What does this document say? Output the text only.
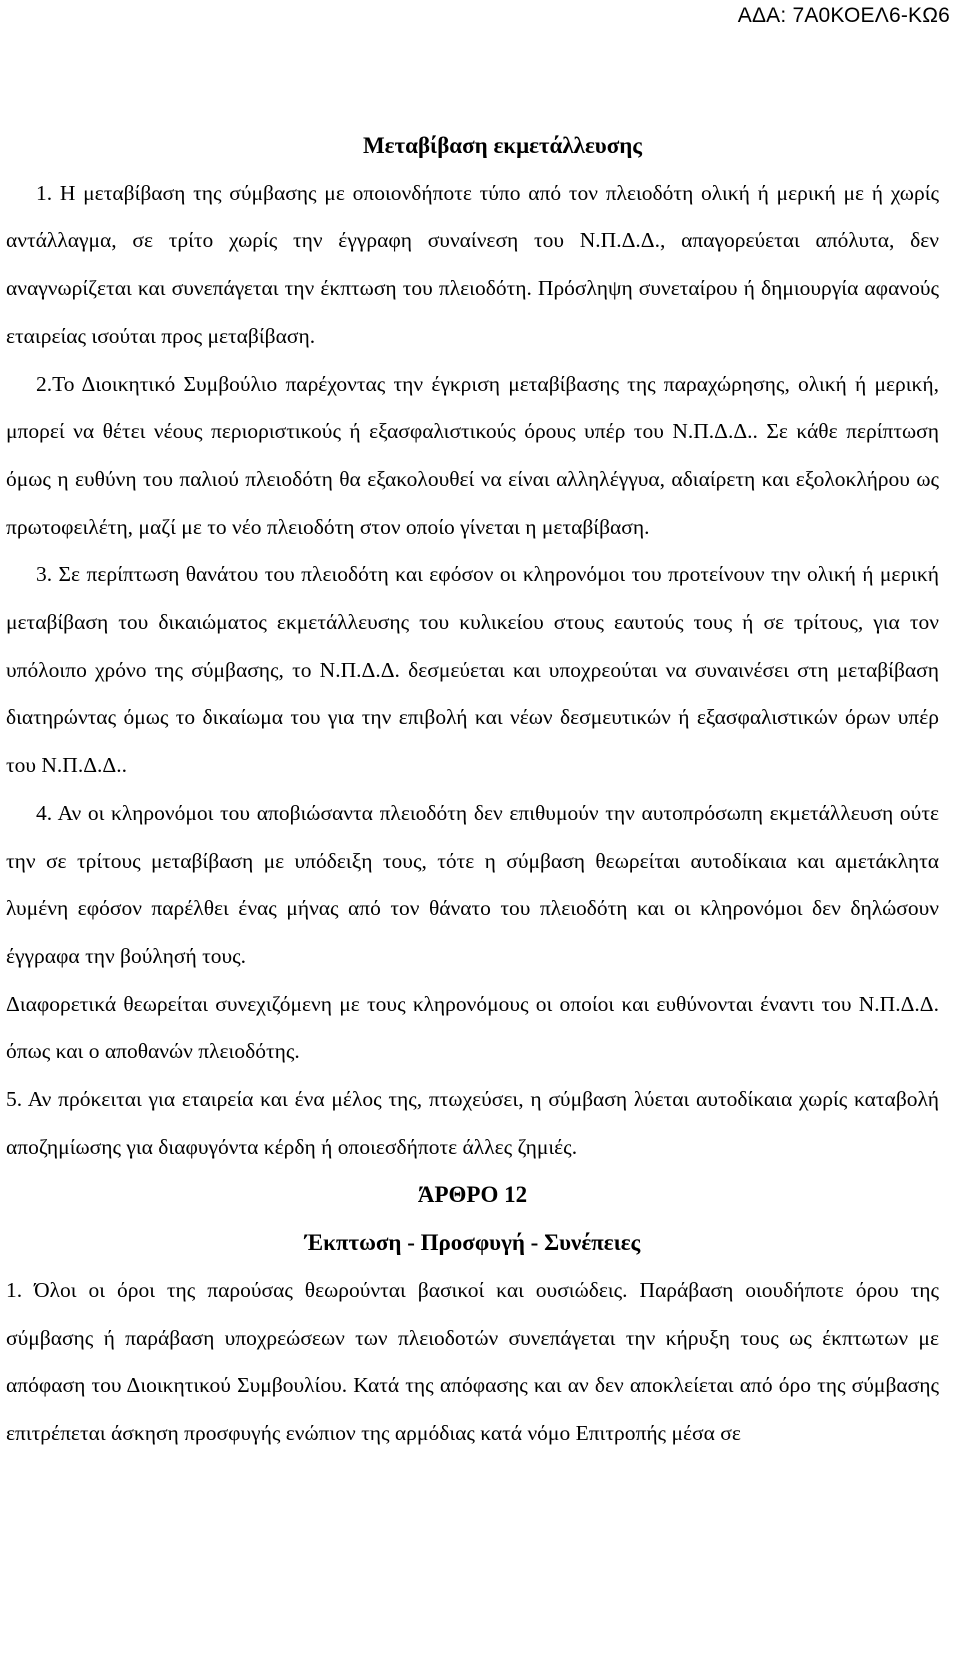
ΑΔΑ: 7Α0ΚΟΕΛ6-ΚΩ6
Μεταβίβαση εκμετάλλευσης

1. Η μεταβίβαση της σύμβασης με οποιονδήποτε τύπο από τον πλειοδότη ολική ή μερική με ή χωρίς αντάλλαγμα, σε τρίτο χωρίς την έγγραφη συναίνεση του Ν.Π.Δ.Δ., απαγορεύεται απόλυτα, δεν αναγνωρίζεται και συνεπάγεται την έκπτωση του πλειοδότη. Πρόσληψη συνεταίρου ή δημιουργία αφανούς εταιρείας ισούται προς μεταβίβαση.

2.Το Διοικητικό Συμβούλιο παρέχοντας την έγκριση μεταβίβασης της παραχώρησης, ολική ή μερική, μπορεί να θέτει νέους περιοριστικούς ή εξασφαλιστικούς όρους υπέρ του Ν.Π.Δ.Δ.. Σε κάθε περίπτωση όμως η ευθύνη του παλιού πλειοδότη θα εξακολουθεί να είναι αλληλέγγυα, αδιαίρετη και εξολοκλήρου ως πρωτοφειλέτη, μαζί με το νέο πλειοδότη στον οποίο γίνεται η μεταβίβαση.

3. Σε περίπτωση θανάτου του πλειοδότη και εφόσον οι κληρονόμοι του προτείνουν την ολική ή μερική μεταβίβαση του δικαιώματος εκμετάλλευσης του κυλικείου στους εαυτούς τους ή σε τρίτους, για τον υπόλοιπο χρόνο της σύμβασης, το Ν.Π.Δ.Δ. δεσμεύεται και υποχρεούται να συναινέσει στη μεταβίβαση διατηρώντας όμως το δικαίωμα του για την επιβολή και νέων δεσμευτικών ή εξασφαλιστικών όρων υπέρ του Ν.Π.Δ.Δ..

4. Αν οι κληρονόμοι του αποβιώσαντα πλειοδότη δεν επιθυμούν την αυτοπρόσωπη εκμετάλλευση ούτε την σε τρίτους μεταβίβαση με υπόδειξη τους, τότε η σύμβαση θεωρείται αυτοδίκαια και αμετάκλητα λυμένη εφόσον παρέλθει ένας μήνας από τον θάνατο του πλειοδότη και οι κληρονόμοι δεν δηλώσουν έγγραφα την βούλησή τους.

Διαφορετικά θεωρείται συνεχιζόμενη με τους κληρονόμους οι οποίοι και ευθύνονται έναντι του Ν.Π.Δ.Δ. όπως και ο αποθανών πλειοδότης.

5. Αν πρόκειται για εταιρεία και ένα μέλος της, πτωχεύσει, η σύμβαση λύεται αυτοδίκαια χωρίς καταβολή αποζημίωσης για διαφυγόντα κέρδη ή οποιεσδήποτε άλλες ζημιές.

ΆΡΘΡΟ 12
Έκπτωση - Προσφυγή - Συνέπειες

1. Όλοι οι όροι της παρούσας θεωρούνται βασικοί και ουσιώδεις. Παράβαση οιουδήποτε όρου της σύμβασης ή παράβαση υποχρεώσεων των πλειοδοτών συνεπάγεται την κήρυξη τους ως έκπτωτων με απόφαση του Διοικητικού Συμβουλίου. Κατά της απόφασης και αν δεν αποκλείεται από όρο της σύμβασης επιτρέπεται άσκηση προσφυγής ενώπιον της αρμόδιας κατά νόμο Επιτροπής μέσα σε
